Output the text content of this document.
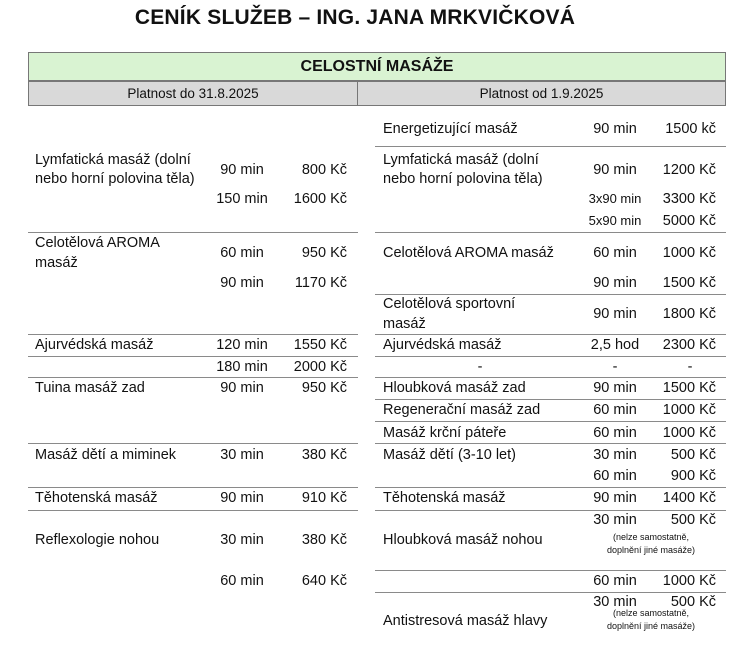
CENÍK SLUŽEB – ING. JANA MRKVIČKOVÁ
CELOSTNÍ MASÁŽE
Platnost do 31.8.2025	Platnost od 1.9.2025
Lymfatická masáž (dolní
nebo horní polovina těla)
90 min	800 Kč
150 min	1600 Kč
Celotělová AROMA
masáž
60 min	950 Kč
90 min	1170 Kč
Ajurvédská masáž	120 min	1550 Kč
180 min	2000 Kč
Tuina masáž zad	90 min	950 Kč
Masáž dětí a miminek	30 min	380 Kč
Těhotenská masáž	90 min	910 Kč
Reflexologie nohou	30 min	380 Kč
60 min	640 Kč
Energetizující masáž	90 min	1500 kč
Lymfatická masáž (dolní
nebo horní polovina těla)
90 min	1200 Kč
3x90 min	3300 Kč
5x90 min	5000 Kč
Celotělová AROMA masáž	60 min	1000 Kč
90 min	1500 Kč
Celotělová sportovní
masáž
90 min	1800 Kč
Ajurvédská masáž	2,5 hod	2300 Kč
-	-	-
Hloubková masáž zad	90 min	1500 Kč
Regenerační masáž zad	60 min	1000 Kč
Masáž krční páteře	60 min	1000 Kč
Masáž dětí (3-10 let)	30 min	500 Kč
60 min	900 Kč
Těhotenská masáž	90 min	1400 Kč
Hloubková masáž nohou
30 min	500 Kč
(nelze samostatně,
doplnění jiné masáže)
60 min	1000 Kč
Antistresová masáž hlavy
30 min	500 Kč
(nelze samostatně,
doplnění jiné masáže)
